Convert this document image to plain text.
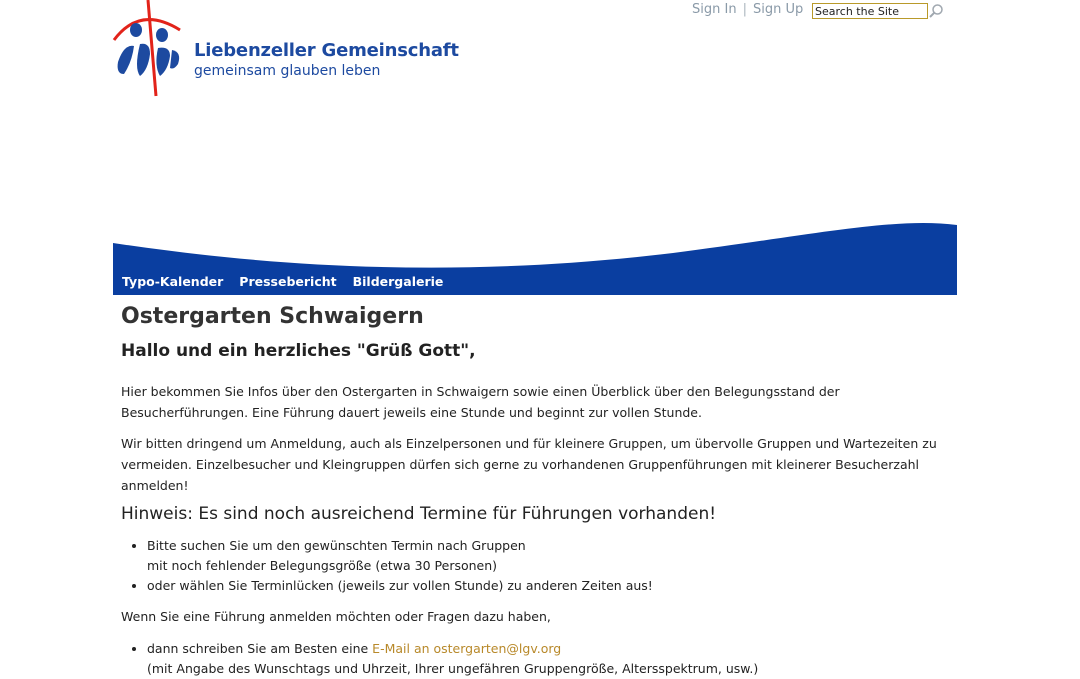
Sign In | Sign Up
Search the Site
Liebenzeller Gemeinschaft
gemeinsam glauben leben
Typo-Kalender Pressebericht Bildergalerie
Ostergarten Schwaigern
Hallo und ein herzliches "Grüß Gott",

Hier bekommen Sie Infos über den Ostergarten in Schwaigern sowie einen Überblick über den Belegungsstand der Besucherführungen. Eine Führung dauert jeweils eine Stunde und beginnt zur vollen Stunde.

Wir bitten dringend um Anmeldung, auch als Einzelpersonen und für kleinere Gruppen, um übervolle Gruppen und Wartezeiten zu vermeiden. Einzelbesucher und Kleingruppen dürfen sich gerne zu vorhandenen Gruppenführungen mit kleinerer Besucherzahl anmelden!

Hinweis: Es sind noch ausreichend Termine für Führungen vorhanden!
• Bitte suchen Sie um den gewünschten Termin nach Gruppen
mit noch fehlender Belegungsgröße (etwa 30 Personen)
• oder wählen Sie Terminlücken (jeweils zur vollen Stunde) zu anderen Zeiten aus!

Wenn Sie eine Führung anmelden möchten oder Fragen dazu haben,

• dann schreiben Sie am Besten eine E-Mail an ostergarten@lgv.org
(mit Angabe des Wunschtags und Uhrzeit, Ihrer ungefähren Gruppengröße, Altersspektrum, usw.)
